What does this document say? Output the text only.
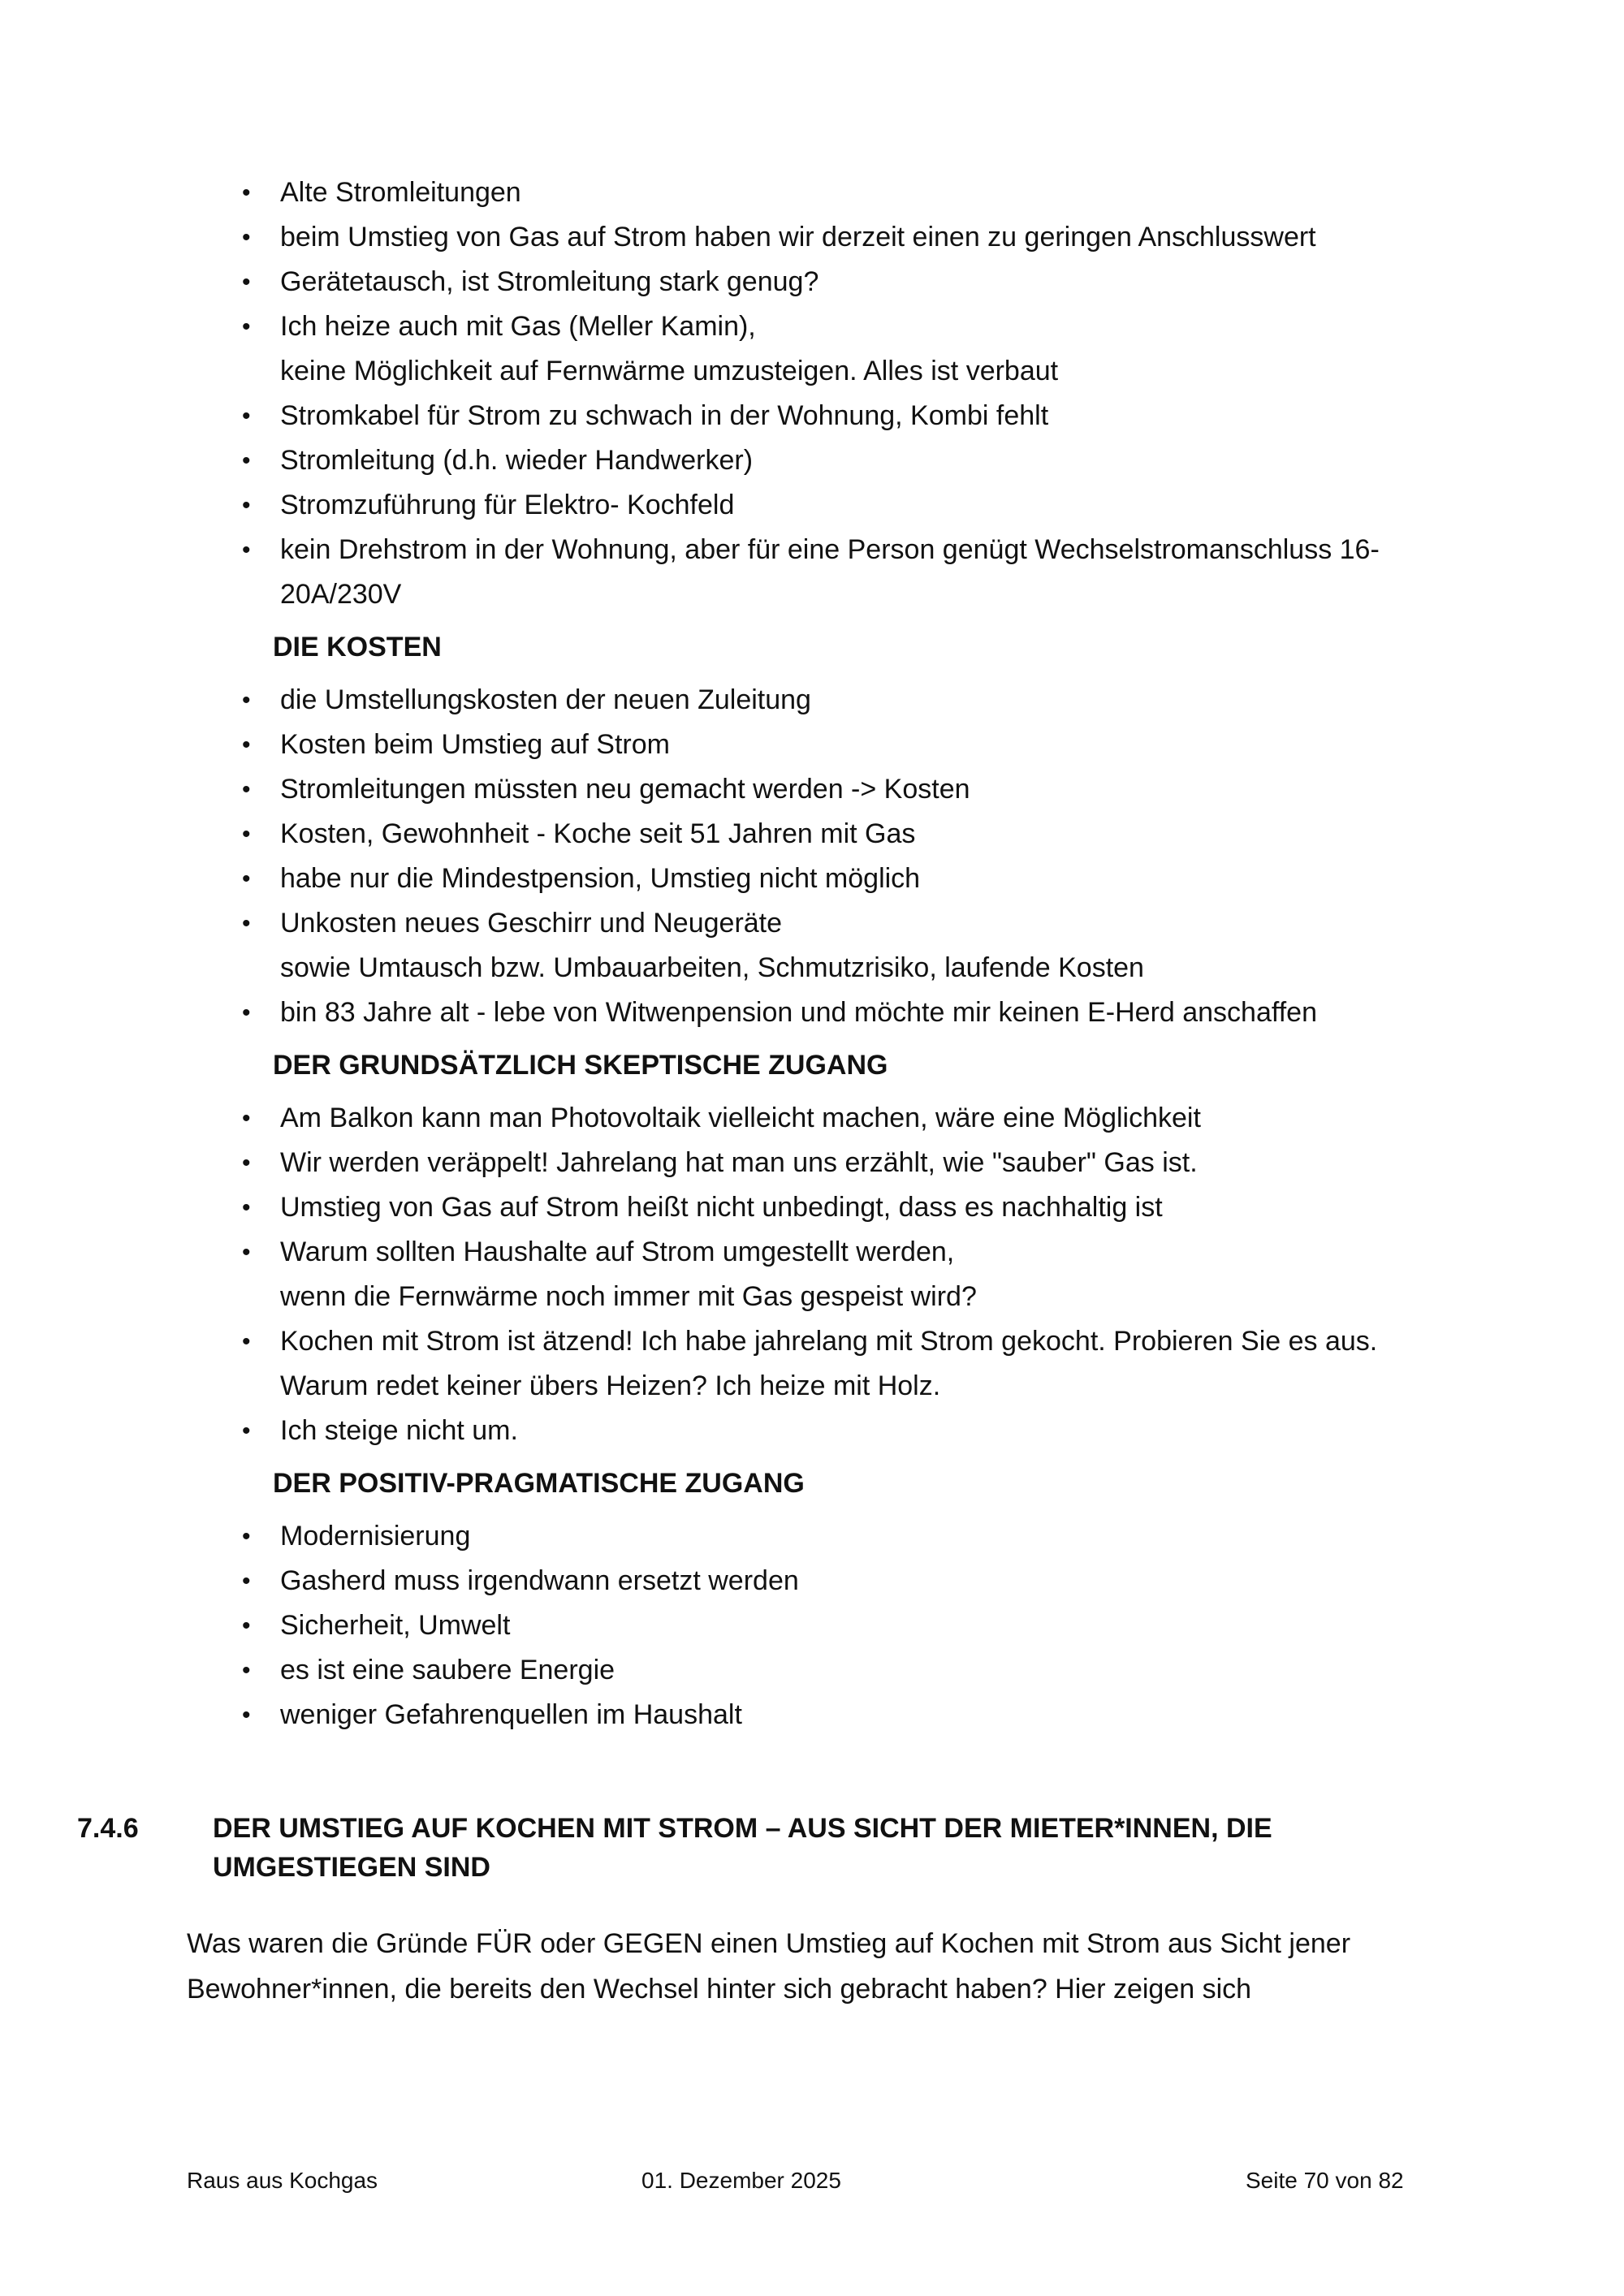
• Alte Stromleitungen
• beim Umstieg von Gas auf Strom haben wir derzeit einen zu geringen Anschlusswert
• Gerätetausch, ist Stromleitung stark genug?
• Ich heize auch mit Gas (Meller Kamin),
keine Möglichkeit auf Fernwärme umzusteigen. Alles ist verbaut
• Stromkabel für Strom zu schwach in der Wohnung, Kombi fehlt
• Stromleitung (d.h. wieder Handwerker)
• Stromzuführung für Elektro- Kochfeld
• kein Drehstrom in der Wohnung, aber für eine Person genügt Wechselstromanschluss 16-
20A/230V
DIE KOSTEN
• die Umstellungskosten der neuen Zuleitung
• Kosten beim Umstieg auf Strom
• Stromleitungen müssten neu gemacht werden -> Kosten
• Kosten, Gewohnheit - Koche seit 51 Jahren mit Gas
• habe nur die Mindestpension, Umstieg nicht möglich
• Unkosten neues Geschirr und Neugeräte
sowie Umtausch bzw. Umbauarbeiten, Schmutzrisiko, laufende Kosten
• bin 83 Jahre alt - lebe von Witwenpension und möchte mir keinen E-Herd anschaffen
DER GRUNDSÄTZLICH SKEPTISCHE ZUGANG
• Am Balkon kann man Photovoltaik vielleicht machen, wäre eine Möglichkeit
• Wir werden veräppelt! Jahrelang hat man uns erzählt, wie "sauber" Gas ist.
• Umstieg von Gas auf Strom heißt nicht unbedingt, dass es nachhaltig ist
• Warum sollten Haushalte auf Strom umgestellt werden,
wenn die Fernwärme noch immer mit Gas gespeist wird?
• Kochen mit Strom ist ätzend! Ich habe jahrelang mit Strom gekocht. Probieren Sie es aus.
Warum redet keiner übers Heizen? Ich heize mit Holz.
• Ich steige nicht um.
DER POSITIV-PRAGMATISCHE ZUGANG
• Modernisierung
• Gasherd muss irgendwann ersetzt werden
• Sicherheit, Umwelt
• es ist eine saubere Energie
• weniger Gefahrenquellen im Haushalt
7.4.6	DER UMSTIEG AUF KOCHEN MIT STROM – AUS SICHT DER MIETER*INNEN, DIE UMGESTIEGEN SIND
Was waren die Gründe FÜR oder GEGEN einen Umstieg auf Kochen mit Strom aus Sicht jener
Bewohner*innen, die bereits den Wechsel hinter sich gebracht haben? Hier zeigen sich
Raus aus Kochgas	01. Dezember 2025	Seite 70 von 82
